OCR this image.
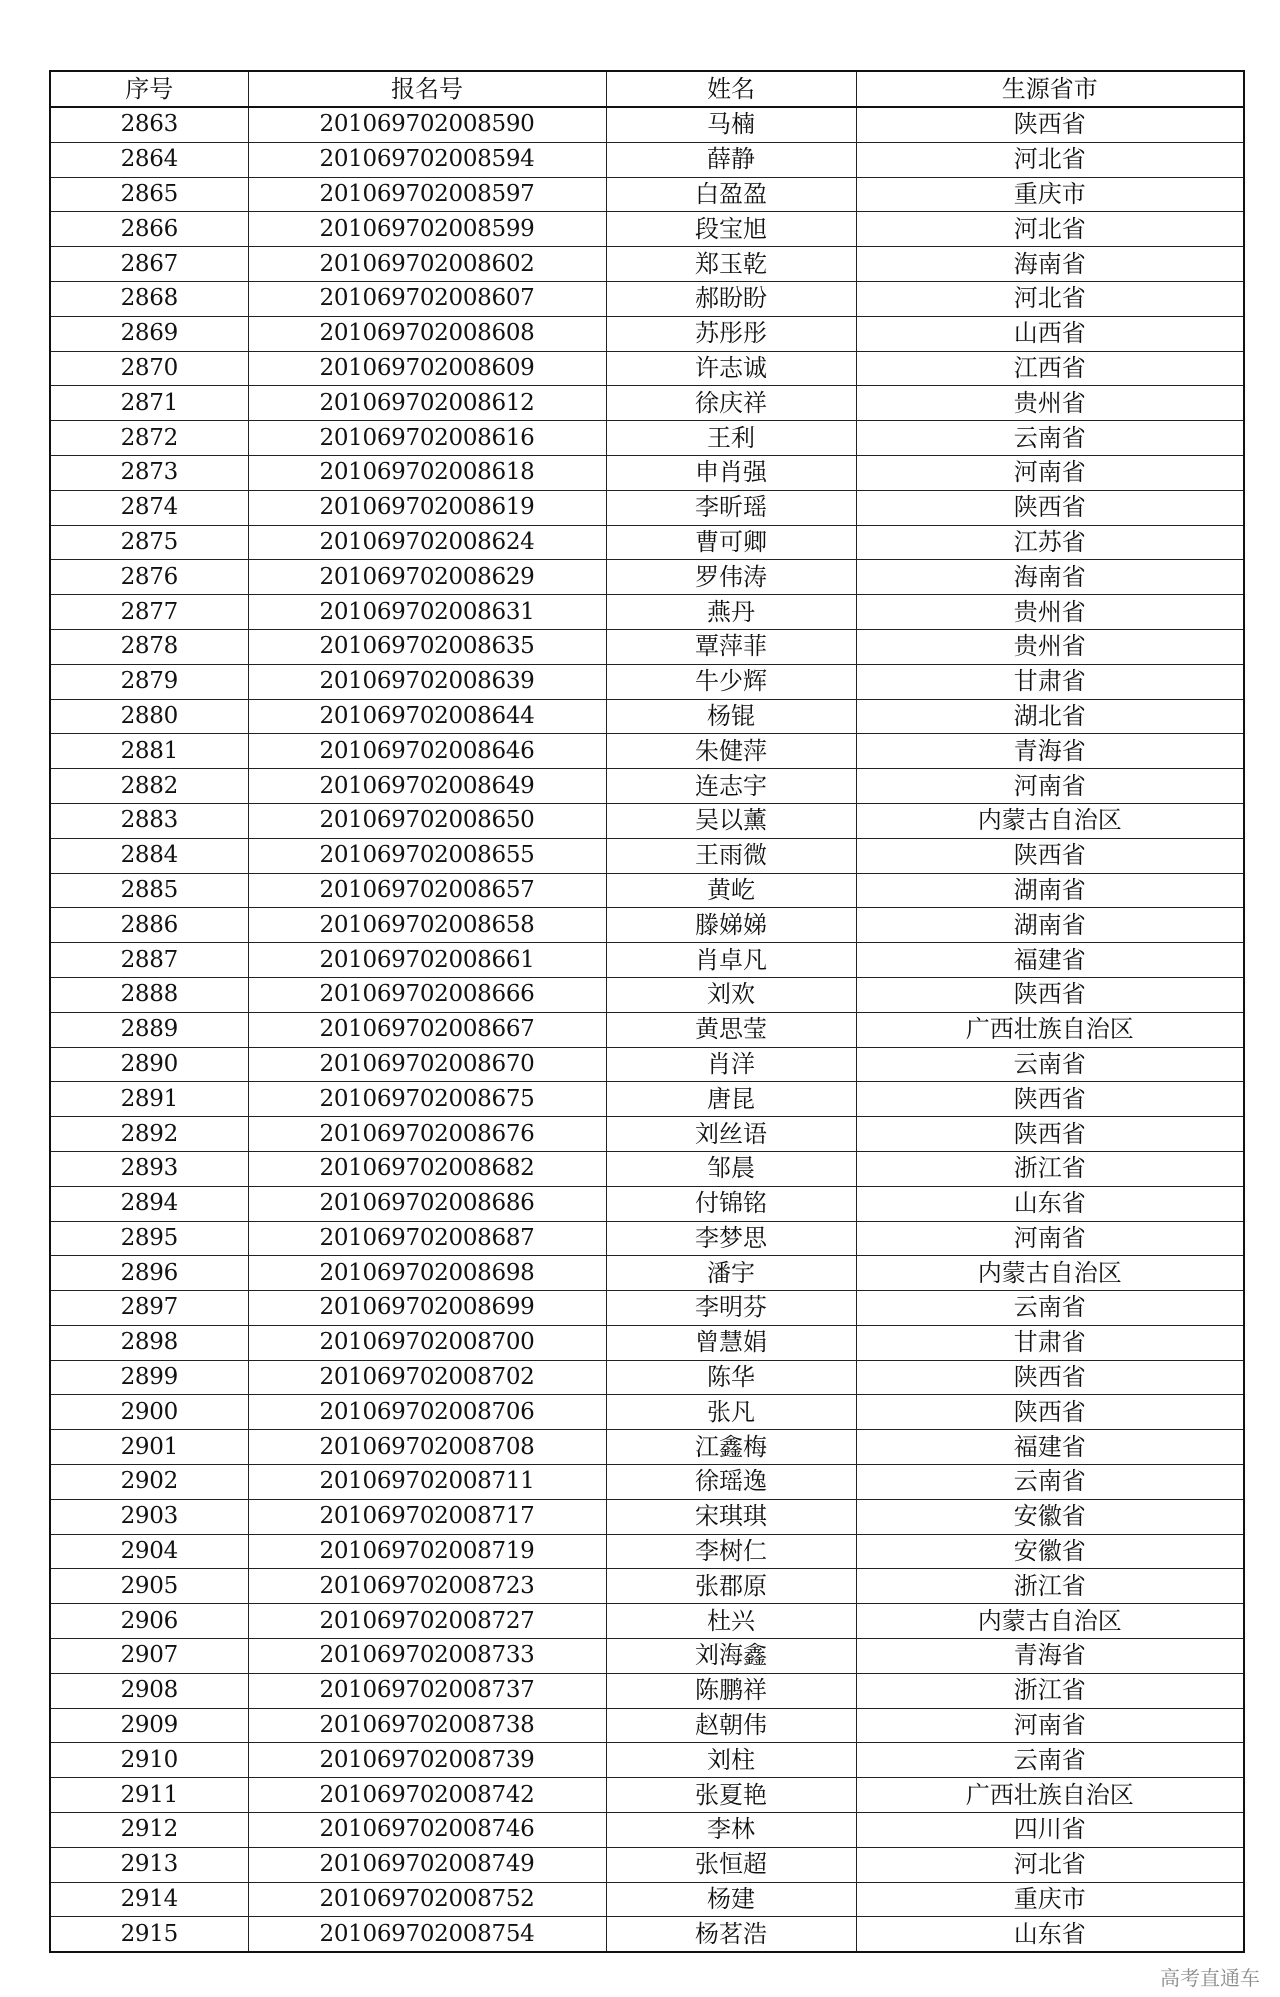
序号	报名号	姓名	生源省市
2863	201069702008590	马楠	陕西省
2864	201069702008594	薛静	河北省
2865	201069702008597	白盈盈	重庆市
2866	201069702008599	段宝旭	河北省
2867	201069702008602	郑玉乾	海南省
2868	201069702008607	郝盼盼	河北省
2869	201069702008608	苏彤彤	山西省
2870	201069702008609	许志诚	江西省
2871	201069702008612	徐庆祥	贵州省
2872	201069702008616	王利	云南省
2873	201069702008618	申肖强	河南省
2874	201069702008619	李昕瑶	陕西省
2875	201069702008624	曹可卿	江苏省
2876	201069702008629	罗伟涛	海南省
2877	201069702008631	燕丹	贵州省
2878	201069702008635	覃萍菲	贵州省
2879	201069702008639	牛少辉	甘肃省
2880	201069702008644	杨锟	湖北省
2881	201069702008646	朱健萍	青海省
2882	201069702008649	连志宇	河南省
2883	201069702008650	吴以薰	内蒙古自治区
2884	201069702008655	王雨微	陕西省
2885	201069702008657	黄屹	湖南省
2886	201069702008658	滕娣娣	湖南省
2887	201069702008661	肖卓凡	福建省
2888	201069702008666	刘欢	陕西省
2889	201069702008667	黄思莹	广西壮族自治区
2890	201069702008670	肖洋	云南省
2891	201069702008675	唐昆	陕西省
2892	201069702008676	刘丝语	陕西省
2893	201069702008682	邹晨	浙江省
2894	201069702008686	付锦铭	山东省
2895	201069702008687	李梦思	河南省
2896	201069702008698	潘宇	内蒙古自治区
2897	201069702008699	李明芬	云南省
2898	201069702008700	曾慧娟	甘肃省
2899	201069702008702	陈华	陕西省
2900	201069702008706	张凡	陕西省
2901	201069702008708	江鑫梅	福建省
2902	201069702008711	徐瑶逸	云南省
2903	201069702008717	宋琪琪	安徽省
2904	201069702008719	李树仁	安徽省
2905	201069702008723	张郡原	浙江省
2906	201069702008727	杜兴	内蒙古自治区
2907	201069702008733	刘海鑫	青海省
2908	201069702008737	陈鹏祥	浙江省
2909	201069702008738	赵朝伟	河南省
2910	201069702008739	刘柱	云南省
2911	201069702008742	张夏艳	广西壮族自治区
2912	201069702008746	李林	四川省
2913	201069702008749	张恒超	河北省
2914	201069702008752	杨建	重庆市
2915	201069702008754	杨茗浩	山东省
高考直通车
